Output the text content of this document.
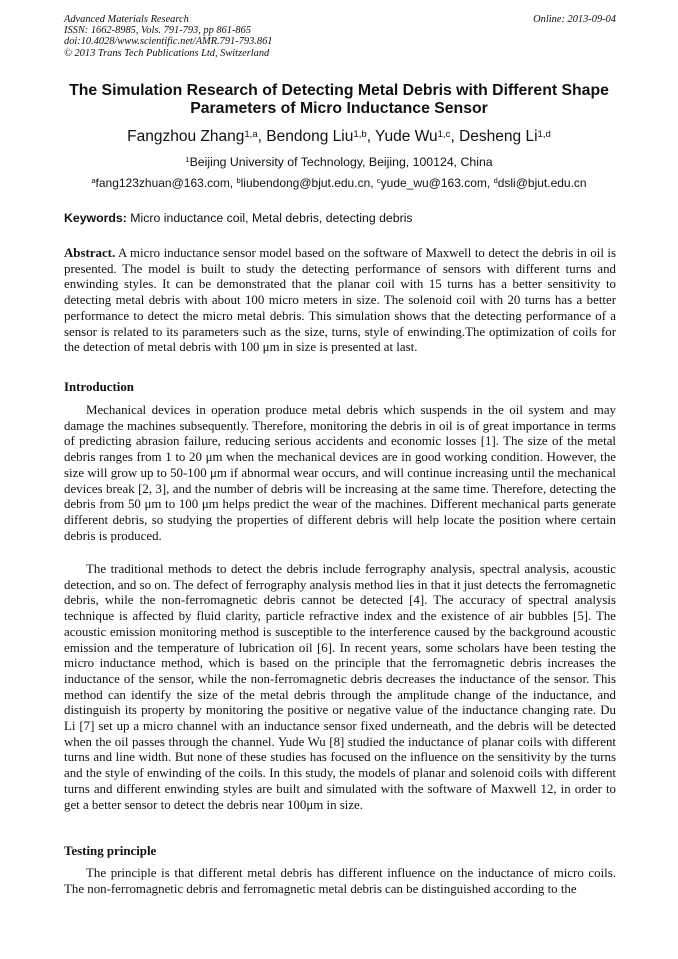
Advanced Materials Research
ISSN: 1662-8985, Vols. 791-793, pp 861-865
doi:10.4028/www.scientific.net/AMR.791-793.861
© 2013 Trans Tech Publications Ltd, Switzerland
Online: 2013-09-04
The Simulation Research of Detecting Metal Debris with Different Shape Parameters of Micro Inductance Sensor
Fangzhou Zhang$^{1,a}$, Bendong Liu$^{1,b}$, Yude Wu$^{1,c}$, Desheng Li$^{1,d}$
$^1$Beijing University of Technology, Beijing, 100124, China
$^a$fang123zhuan@163.com, $^b$liubendong@bjut.edu.cn, $^c$yude_wu@163.com, $^d$dsli@bjut.edu.cn
Keywords: Micro inductance coil, Metal debris, detecting debris
Abstract. A micro inductance sensor model based on the software of Maxwell to detect the debris in oil is presented. The model is built to study the detecting performance of sensors with different turns and enwinding styles. It can be demonstrated that the planar coil with 15 turns has a better sensitivity to detecting metal debris with about 100 micro meters in size. The solenoid coil with 20 turns has a better performance to detect the micro metal debris. This simulation shows that the detecting performance of a sensor is related to its parameters such as the size, turns, style of enwinding.The optimization of coils for the detection of metal debris with 100 μm in size is presented at last.
Introduction

Mechanical devices in operation produce metal debris which suspends in the oil system and may damage the machines subsequently. Therefore, monitoring the debris in oil is of great importance in terms of predicting abrasion failure, reducing serious accidents and economic losses [1]. The size of the metal debris ranges from 1 to 20 μm when the mechanical devices are in good working condition. However, the size will grow up to 50-100 μm if abnormal wear occurs, and will continue increasing until the mechanical devices break [2, 3], and the number of debris will be increasing at the same time. Therefore, detecting the debris from 50 μm to 100 μm helps predict the wear of the machines. Different mechanical parts generate different debris, so studying the properties of different debris will help locate the position where certain debris is produced.

The traditional methods to detect the debris include ferrography analysis, spectral analysis, acoustic detection, and so on. The defect of ferrography analysis method lies in that it just detects the ferromagnetic debris, while the non-ferromagnetic debris cannot be detected [4]. The accuracy of spectral analysis technique is affected by fluid clarity, particle refractive index and the existence of air bubbles [5]. The acoustic emission monitoring method is susceptible to the interference caused by the background acoustic emission and the temperature of lubrication oil [6]. In recent years, some scholars have been testing the micro inductance method, which is based on the principle that the ferromagnetic debris increases the inductance of the sensor, while the non-ferromagnetic debris decreases the inductance of the sensor. This method can identify the size of the metal debris through the amplitude change of the inductance, and distinguish its property by monitoring the positive or negative value of the inductance changing rate. Du Li [7] set up a micro channel with an inductance sensor fixed underneath, and the debris will be detected when the oil passes through the channel. Yude Wu [8] studied the inductance of planar coils with different turns and line width. But none of these studies has focused on the influence on the sensitivity by the turns and the style of enwinding of the coils. In this study, the models of planar and solenoid coils with different turns and different enwinding styles are built and simulated with the software of Maxwell 12, in order to get a better sensor to detect the debris near 100μm in size.

Testing principle

The principle is that different metal debris has different influence on the inductance of micro coils. The non-ferromagnetic debris and ferromagnetic metal debris can be distinguished according to the
